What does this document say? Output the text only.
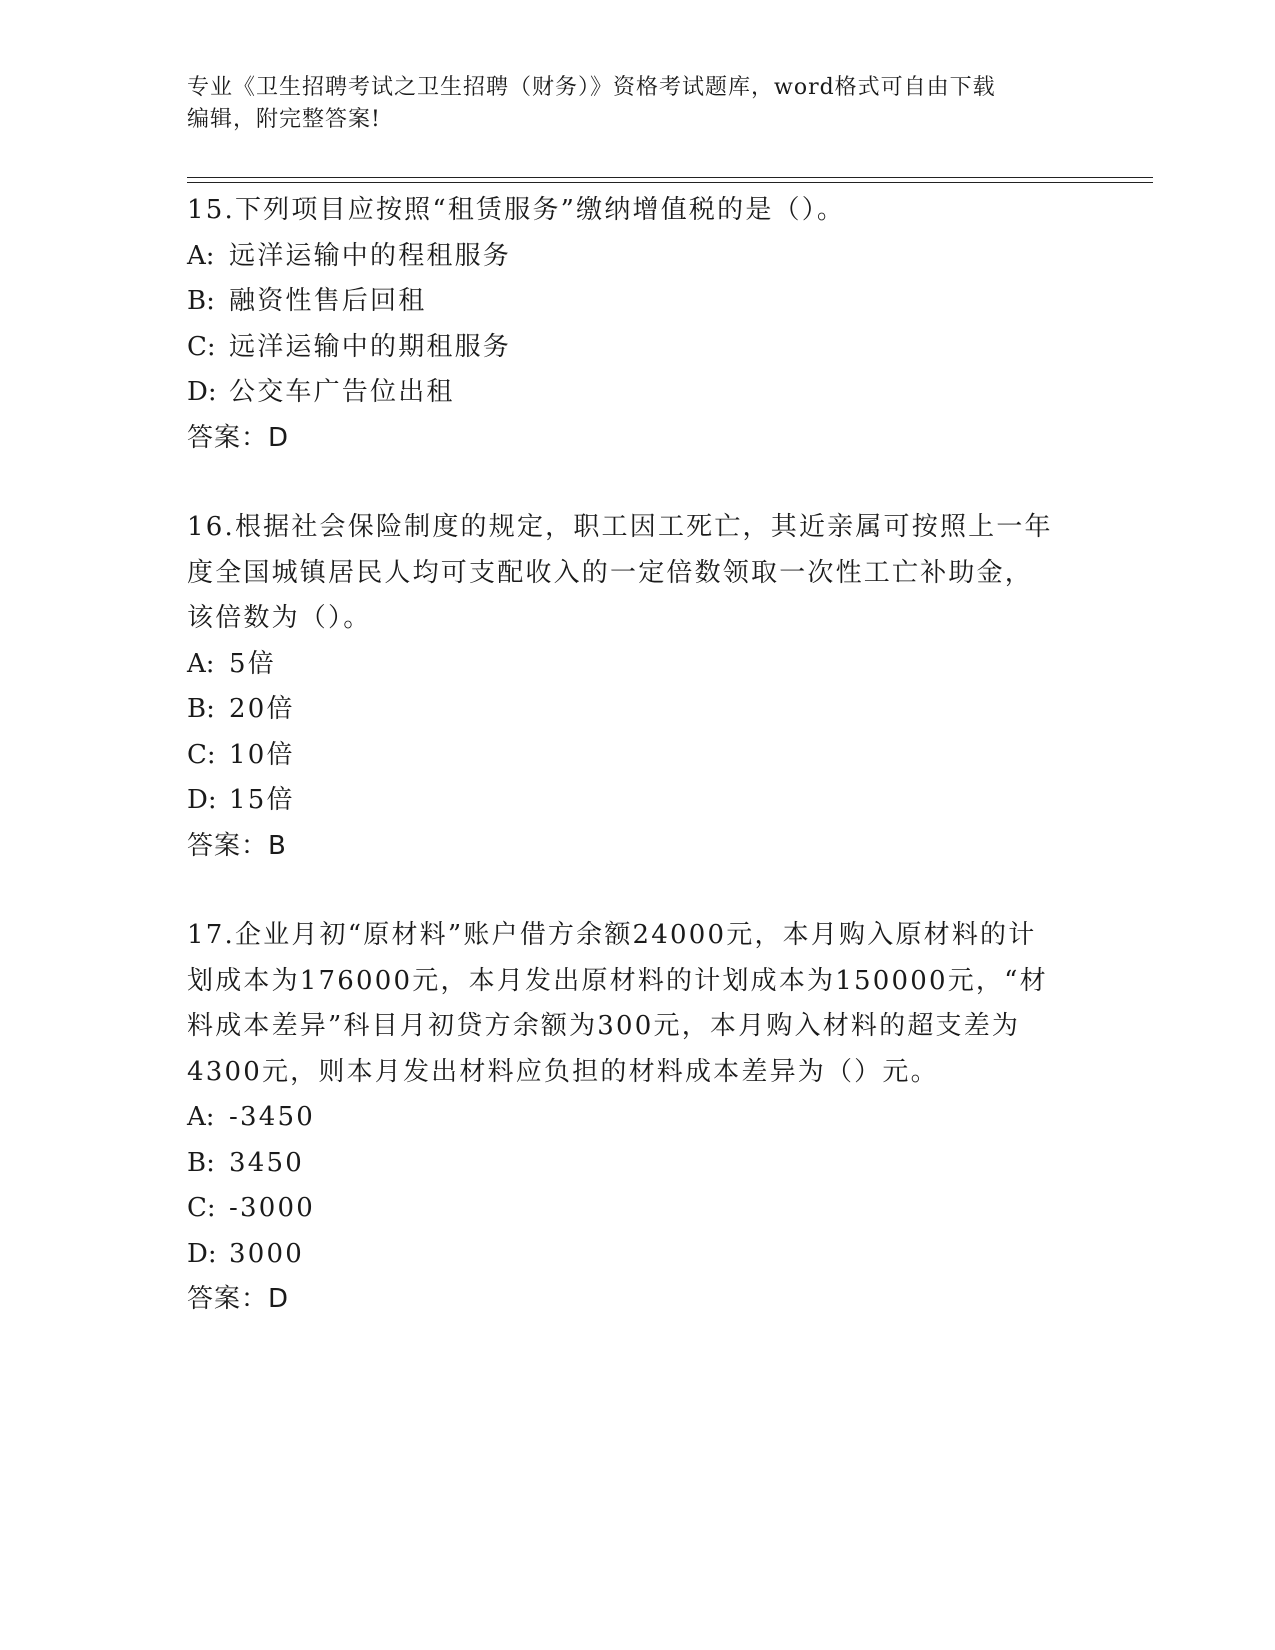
专业《卫生招聘考试之卫生招聘（财务）》资格考试题库，word格式可自由下载
编辑，附完整答案!

15.下列项目应按照“租赁服务”缴纳增值税的是（）。

A: 远洋运输中的程租服务

B: 融资性售后回租

C: 远洋运输中的期租服务

D: 公交车广告位出租

答案：D

16.根据社会保险制度的规定，职工因工死亡，其近亲属可按照上一年

度全国城镇居民人均可支配收入的一定倍数领取一次性工亡补助金，

该倍数为（）。

A: 5倍

B: 20倍

C: 10倍

D: 15倍

答案：B

17.企业月初“原材料”账户借方余额24000元，本月购入原材料的计

划成本为176000元，本月发出原材料的计划成本为150000元，“材

料成本差异”科目月初贷方余额为300元，本月购入材料的超支差为

4300元，则本月发出材料应负担的材料成本差异为（）元。

A: -3450

B: 3450

C: -3000

D: 3000

答案：D
